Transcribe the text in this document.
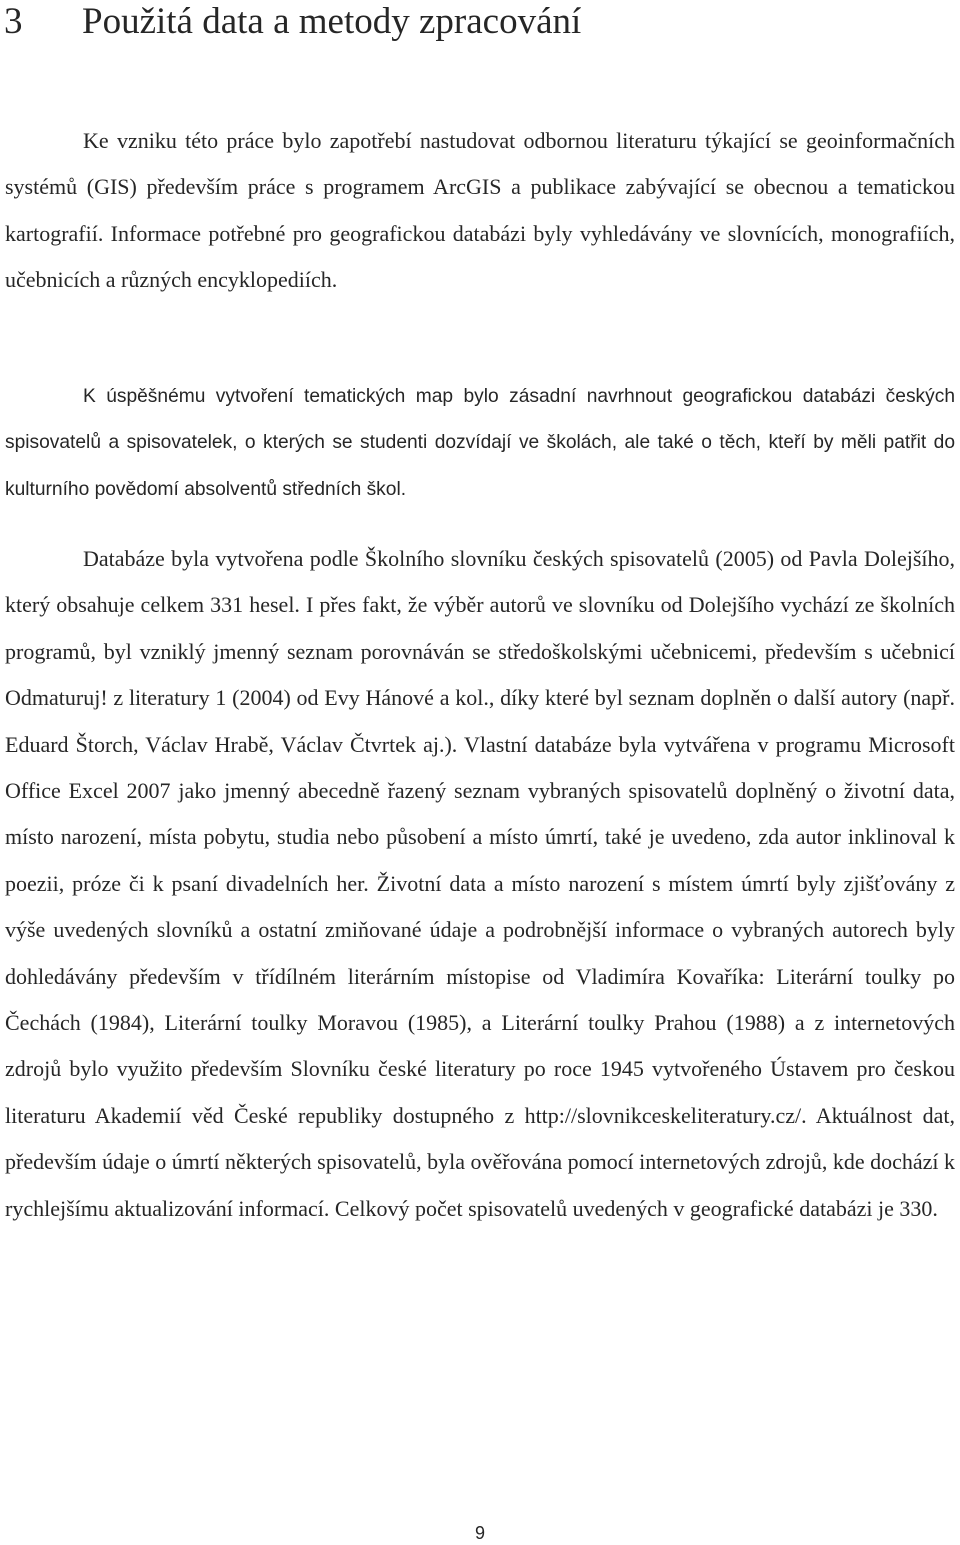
3 Použitá data a metody zpracování

Ke vzniku této práce bylo zapotřebí nastudovat odbornou literaturu týkající se geoinformačních systémů (GIS) především práce s programem ArcGIS a publikace zabývající se obecnou a tematickou kartografií. Informace potřebné pro geografickou databázi byly vyhledávány ve slovnících, monografiích, učebnicích a různých encyklopediích.

K úspěšnému vytvoření tematických map bylo zásadní navrhnout geografickou databázi českých spisovatelů a spisovatelek, o kterých se studenti dozvídají ve školách, ale také o těch, kteří by měli patřit do kulturního povědomí absolventů středních škol.

Databáze byla vytvořena podle Školního slovníku českých spisovatelů (2005) od Pavla Dolejšího, který obsahuje celkem 331 hesel. I přes fakt, že výběr autorů ve slovníku od Dolejšího vychází ze školních programů, byl vzniklý jmenný seznam porovnáván se středoškolskými učebnicemi, především s učebnicí Odmaturuj! z literatury 1 (2004) od Evy Hánové a kol., díky které byl seznam doplněn o další autory (např. Eduard Štorch, Václav Hrabě, Václav Čtvrtek aj.). Vlastní databáze byla vytvářena v programu Microsoft Office Excel 2007 jako jmenný abecedně řazený seznam vybraných spisovatelů doplněný o životní data, místo narození, místa pobytu, studia nebo působení a místo úmrtí, také je uvedeno, zda autor inklinoval k poezii, próze či k psaní divadelních her. Životní data a místo narození s místem úmrtí byly zjišťovány z výše uvedených slovníků a ostatní zmiňované údaje a podrobnější informace o vybraných autorech byly dohledávány především v třídílném literárním místopise od Vladimíra Kovaříka: Literární toulky po Čechách (1984), Literární toulky Moravou (1985), a Literární toulky Prahou (1988) a z internetových zdrojů bylo využito především Slovníku české literatury po roce 1945 vytvořeného Ústavem pro českou literaturu Akademií věd České republiky dostupného z http://slovnikceskeliteratury.cz/. Aktuálnost dat, především údaje o úmrtí některých spisovatelů, byla ověřována pomocí internetových zdrojů, kde dochází k rychlejšímu aktualizování informací. Celkový počet spisovatelů uvedených v geografické databázi je 330.

9
